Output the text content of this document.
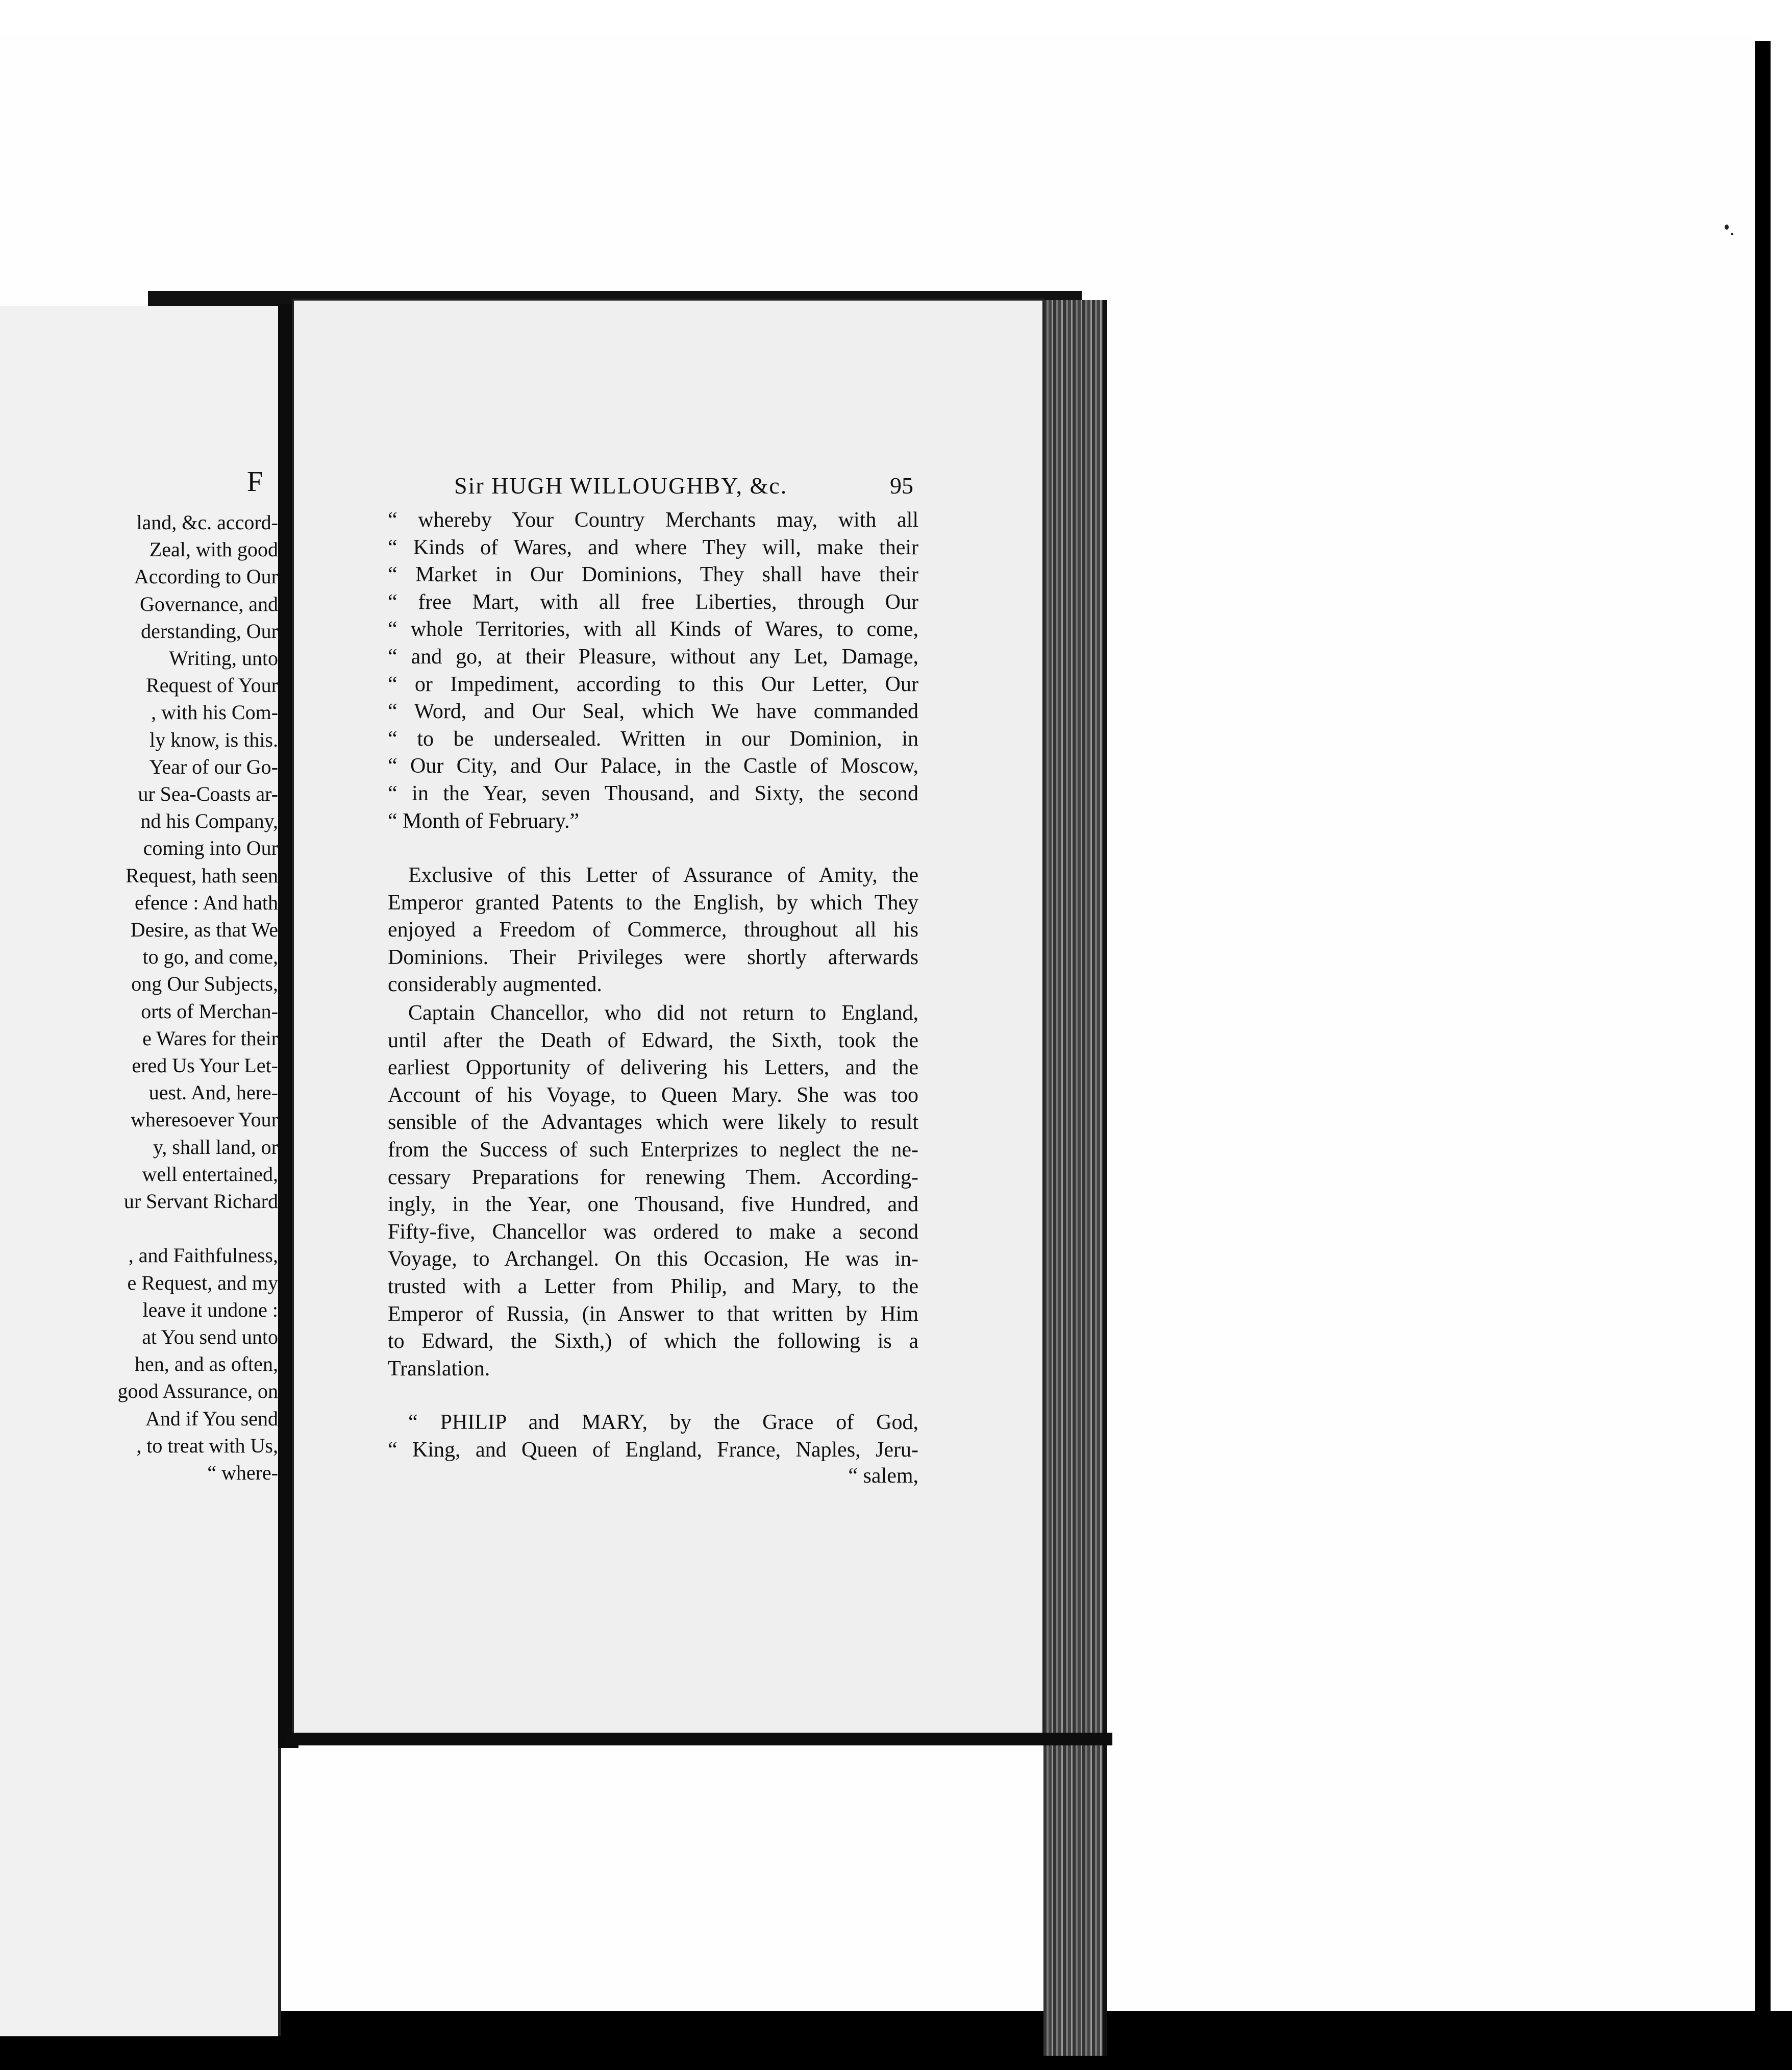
F
land, &c. accord-
Zeal, with good
According to Our
Governance, and
derstanding, Our
Writing, unto
Request of Your
, with his Com-
ly know, is this.
Year of our Go-
ur Sea-Coasts ar-
nd his Company,
coming into Our
Request, hath seen
efence : And hath
Desire, as that We
to go, and come,
ong Our Subjects,
orts of Merchan-
e Wares for their
ered Us Your Let-
uest. And, here-
wheresoever Your
y, shall land, or
well entertained,
ur Servant Richard
, and Faithfulness,
e Request, and my
leave it undone :
at You send unto
hen, and as often,
good Assurance, on
And if You send
, to treat with Us,
“ where-
Sir HUGH WILLOUGHBY, &c.	95
“ whereby Your Country Merchants may, with all
“ Kinds of Wares, and where They will, make their
“ Market in Our Dominions, They shall have their
“ free Mart, with all free Liberties, through Our
“ whole Territories, with all Kinds of Wares, to come,
“ and go, at their Pleasure, without any Let, Damage,
“ or Impediment, according to this Our Letter, Our
“ Word, and Our Seal, which We have commanded
“ to be undersealed. Written in our Dominion, in
“ Our City, and Our Palace, in the Castle of Moscow,
“ in the Year, seven Thousand, and Sixty, the second
“ Month of February.”
Exclusive of this Letter of Assurance of Amity, the
Emperor granted Patents to the English, by which They
enjoyed a Freedom of Commerce, throughout all his
Dominions. Their Privileges were shortly afterwards
considerably augmented.
Captain Chancellor, who did not return to England,
until after the Death of Edward, the Sixth, took the
earliest Opportunity of delivering his Letters, and the
Account of his Voyage, to Queen Mary. She was too
sensible of the Advantages which were likely to result
from the Success of such Enterprizes to neglect the ne-
cessary Preparations for renewing Them. According-
ingly, in the Year, one Thousand, five Hundred, and
Fifty-five, Chancellor was ordered to make a second
Voyage, to Archangel. On this Occasion, He was in-
trusted with a Letter from Philip, and Mary, to the
Emperor of Russia, (in Answer to that written by Him
to Edward, the Sixth,) of which the following is a
Translation.
“ PHILIP and MARY, by the Grace of God,
“ King, and Queen of England, France, Naples, Jeru-
“ salem,
